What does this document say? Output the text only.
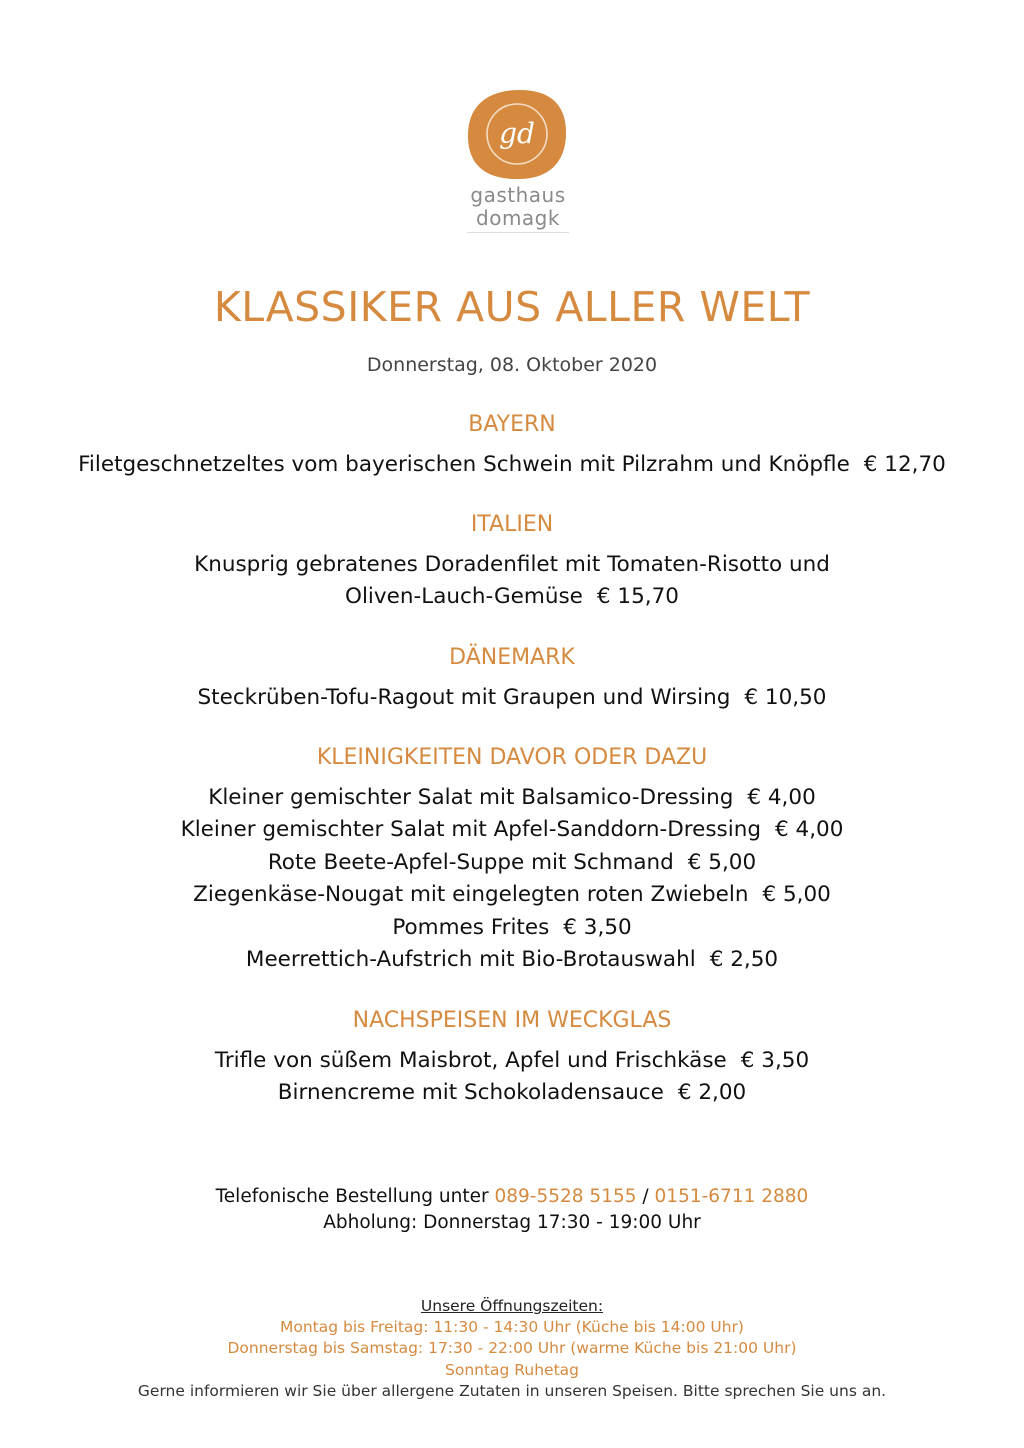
gd
gasthaus
domagk
KLASSIKER AUS ALLER WELT
Donnerstag, 08. Oktober 2020
BAYERN
Filetgeschnetzeltes vom bayerischen Schwein mit Pilzrahm und Knöpfle € 12,70
ITALIEN
Knusprig gebratenes Doradenfilet mit Tomaten-Risotto und
Oliven-Lauch-Gemüse € 15,70
DÄNEMARK
Steckrüben-Tofu-Ragout mit Graupen und Wirsing € 10,50
KLEINIGKEITEN DAVOR ODER DAZU
Kleiner gemischter Salat mit Balsamico-Dressing € 4,00
Kleiner gemischter Salat mit Apfel-Sanddorn-Dressing € 4,00
Rote Beete-Apfel-Suppe mit Schmand € 5,00
Ziegenkäse-Nougat mit eingelegten roten Zwiebeln € 5,00
Pommes Frites € 3,50
Meerrettich-Aufstrich mit Bio-Brotauswahl € 2,50
NACHSPEISEN IM WECKGLAS
Trifle von süßem Maisbrot, Apfel und Frischkäse € 3,50
Birnencreme mit Schokoladensauce € 2,00
Telefonische Bestellung unter 089-5528 5155 / 0151-6711 2880
Abholung: Donnerstag 17:30 - 19:00 Uhr
Unsere Öffnungszeiten:
Montag bis Freitag: 11:30 - 14:30 Uhr (Küche bis 14:00 Uhr)
Donnerstag bis Samstag: 17:30 - 22:00 Uhr (warme Küche bis 21:00 Uhr)
Sonntag Ruhetag
Gerne informieren wir Sie über allergene Zutaten in unseren Speisen. Bitte sprechen Sie uns an.
